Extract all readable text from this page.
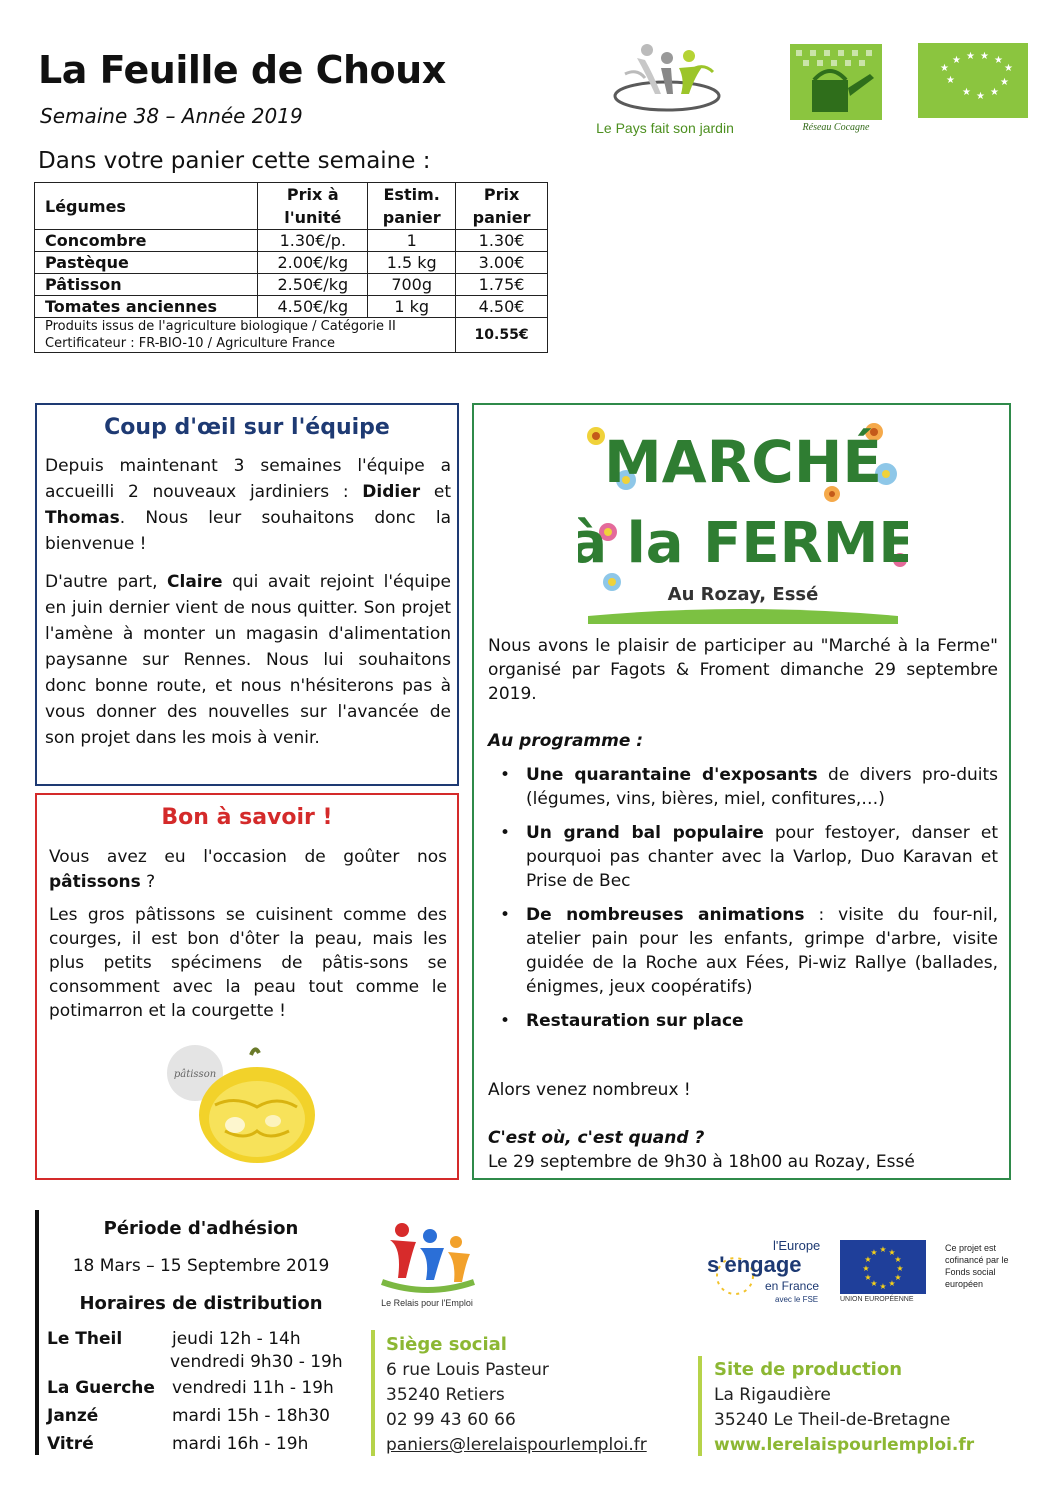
La Feuille de Choux
Semaine 38 – Année 2019
Dans votre panier cette semaine :
Le Pays fait son jardin	Réseau Cocagne
★
★ ★ ★ ★
★
★
★ ★ ★
★
Légumes	Prix à l'unité	Estim. panier	Prix panier
Concombre	1.30€/p.	1	1.30€
Pastèque	2.00€/kg	1.5 kg	3.00€
Pâtisson	2.50€/kg	700g	1.75€
Tomates anciennes	4.50€/kg	1 kg	4.50€

Produits issus de l'agriculture biologique / Catégorie II
Certificateur : FR-BIO-10 / Agriculture France			10.55€
Coup d'œil sur l'équipe
Depuis maintenant 3 semaines l'équipe a accueilli 2 nouveaux jardiniers : Didier et Thomas. Nous leur souhaitons donc la bienvenue !
D'autre part, Claire qui avait rejoint l'équipe en juin dernier vient de nous quitter. Son projet l'amène à monter un magasin d'alimentation paysanne sur Rennes. Nous lui souhaitons donc bonne route, et nous n'hésiterons pas à vous donner des nouvelles sur l'avancée de son projet dans les mois à venir.
Bon à savoir !
Vous avez eu l'occasion de goûter nos pâtissons ?
Les gros pâtissons se cuisinent comme des courges, il est bon d'ôter la peau, mais les plus petits spécimens de pâtis-sons se consomment avec la peau tout comme le potimarron et la courgette !
pâtisson
MARCHÉ
à la FERME
Au Rozay, Essé
Nous avons le plaisir de participer au "Marché à la Ferme" organisé par Fagots & Froment dimanche 29 septembre 2019.
Au programme :
• Une quarantaine d'exposants de divers pro-duits (légumes, vins, bières, miel, confitures,…)
• Un grand bal populaire pour festoyer, danser et pourquoi pas chanter avec la Varlop, Duo Karavan et Prise de Bec
• De nombreuses animations : visite du four-nil, atelier pain pour les enfants, grimpe d'arbre, visite guidée de la Roche aux Fées, Pi-wiz Rallye (ballades, énigmes, jeux coopératifs)
• Restauration sur place
Alors venez nombreux !
C'est où, c'est quand ?
Le 29 septembre de 9h30 à 18h00 au Rozay, Essé
Période d'adhésion
18 Mars – 15 Septembre 2019
Horaires de distribution
Le Theil	jeudi 12h - 14h
vendredi 9h30 - 19h
La Guerche vendredi 11h - 19h
Janzé	mardi 15h - 18h30
Vitré	mardi 16h - 19h
Le Relais pour l'Emploi
Siège social
6 rue Louis Pasteur
35240 Retiers
02 99 43 60 66
paniers@lerelaispourlemploi.fr
Site de production
La Rigaudière
35240 Le Theil-de-Bretagne
www.lerelaispourlemploi.fr
l'Europe
s'engage
en France
avec le FSE
★ ★
★
★
★
★
★
★
★
★
★
★
UNION EUROPÉENNE
Ce projet est cofinancé par le Fonds social européen
